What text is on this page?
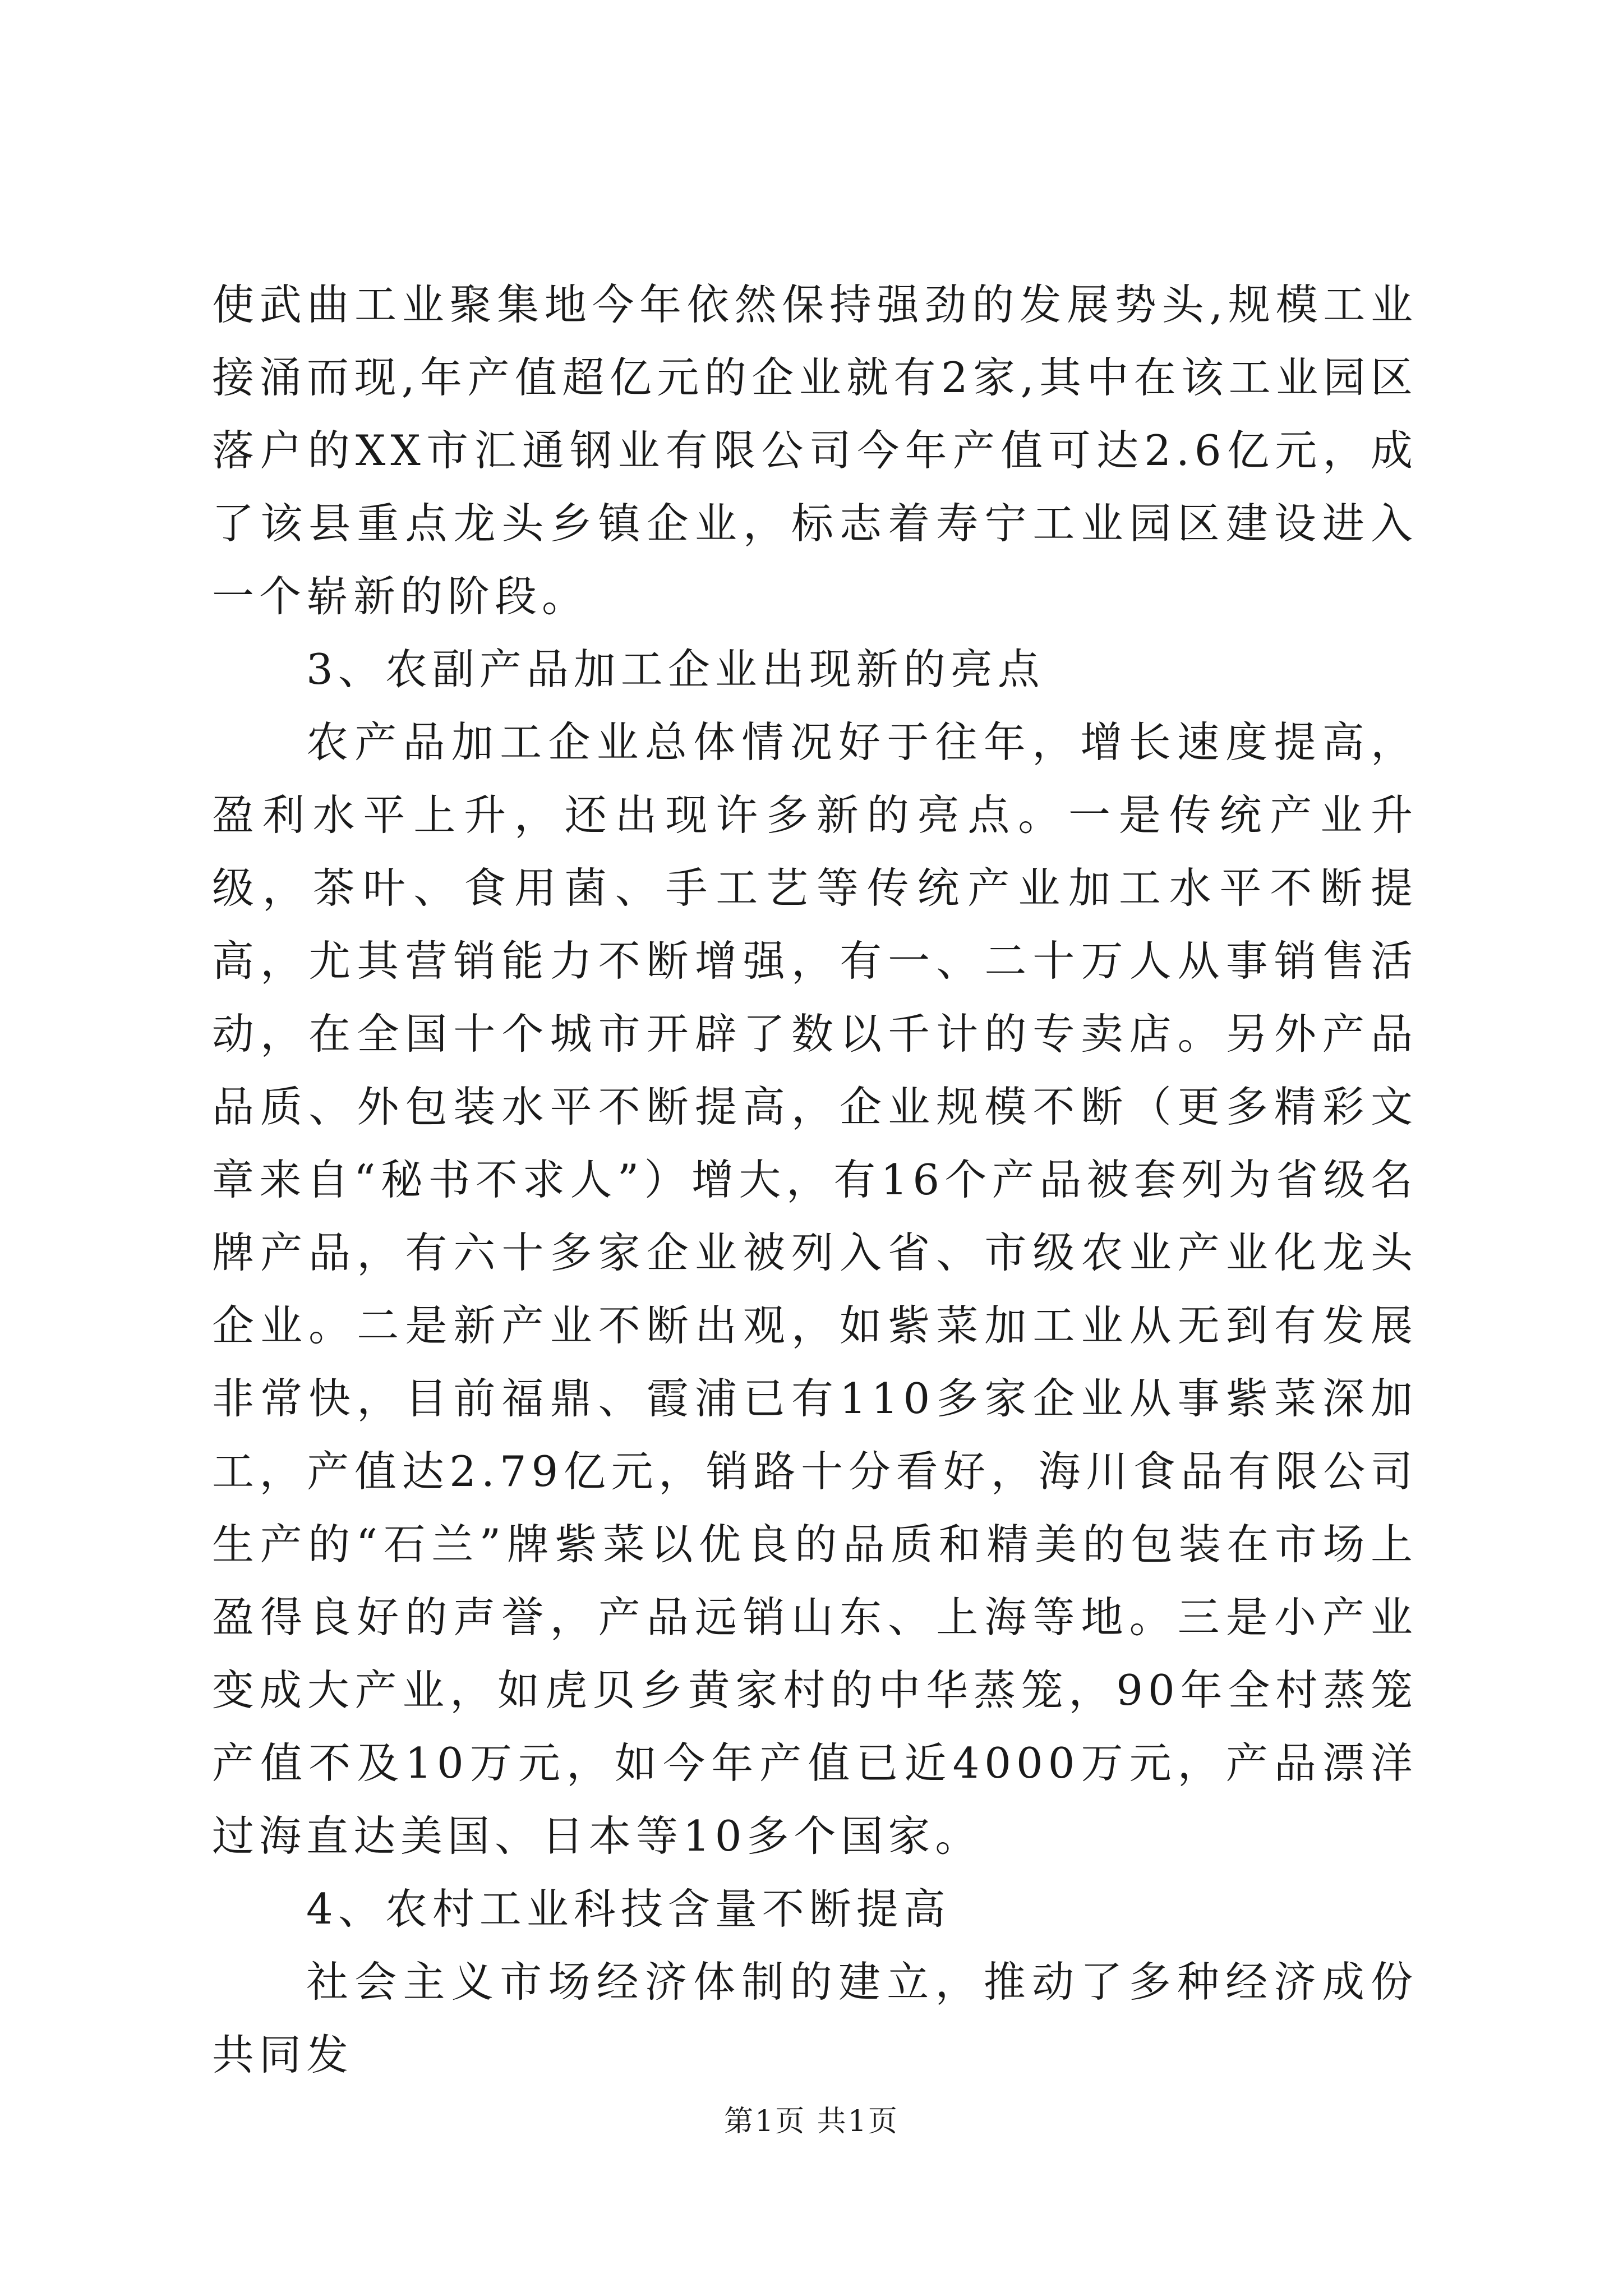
使武曲工业聚集地今年依然保持强劲的发展势头,规模工业接涌而现,年产值超亿元的企业就有2家,其中在该工业园区落户的XX市汇通钢业有限公司今年产值可达2.6亿元，成了该县重点龙头乡镇企业，标志着寿宁工业园区建设进入一个崭新的阶段。

3、农副产品加工企业出现新的亮点

农产品加工企业总体情况好于往年，增长速度提高，盈利水平上升，还出现许多新的亮点。一是传统产业升级，茶叶、食用菌、手工艺等传统产业加工水平不断提高，尤其营销能力不断增强，有一、二十万人从事销售活动，在全国十个城市开辟了数以千计的专卖店。另外产品品质、外包装水平不断提高，企业规模不断（更多精彩文章来自“秘书不求人”）增大，有16个产品被套列为省级名牌产品，有六十多家企业被列入省、市级农业产业化龙头企业。二是新产业不断出观，如紫菜加工业从无到有发展非常快，目前福鼎、霞浦已有110多家企业从事紫菜深加工，产值达2.79亿元，销路十分看好，海川食品有限公司生产的“石兰”牌紫菜以优良的品质和精美的包装在市场上盈得良好的声誉，产品远销山东、上海等地。三是小产业变成大产业，如虎贝乡黄家村的中华蒸笼，90年全村蒸笼产值不及10万元，如今年产值已近4000万元，产品漂洋过海直达美国、日本等10多个国家。

4、农村工业科技含量不断提高

社会主义市场经济体制的建立，推动了多种经济成份共同发

第1页 共1页
